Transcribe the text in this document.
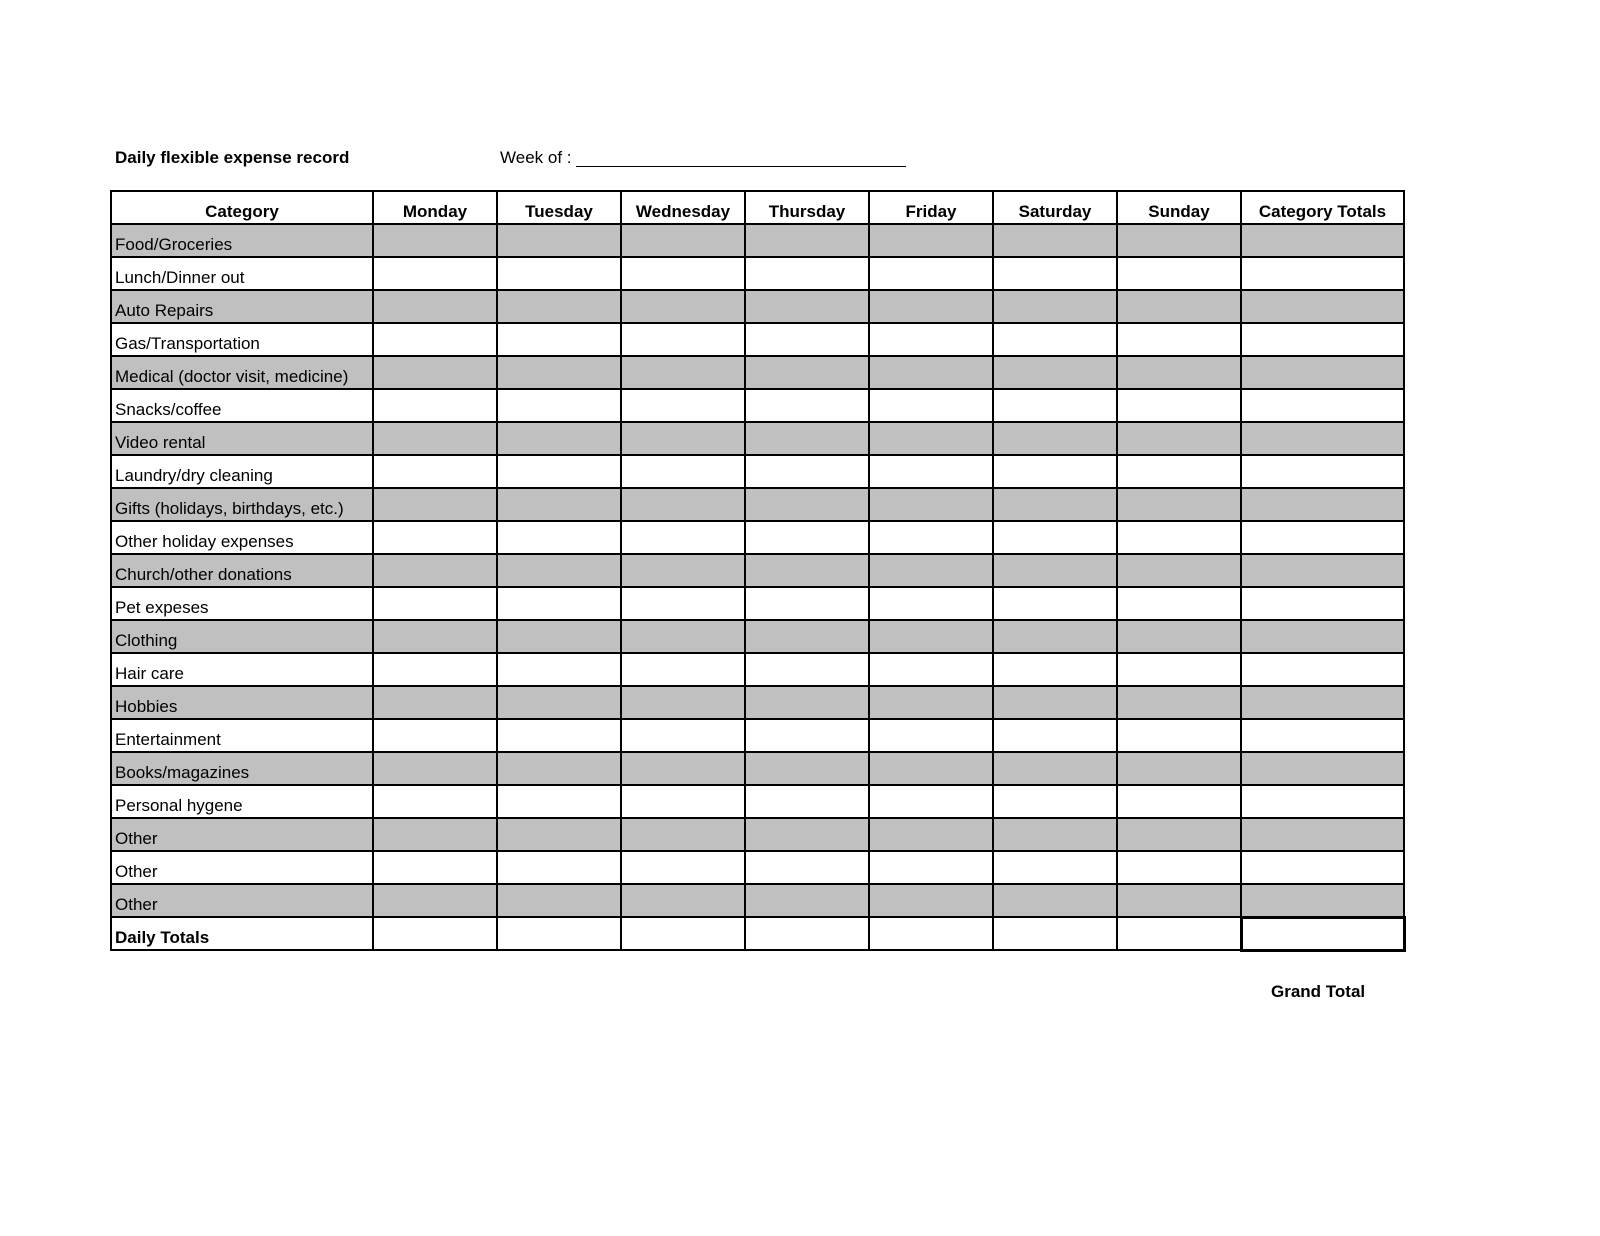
Daily flexible expense record	Week of :
Category	Monday	Tuesday	Wednesday	Thursday	Friday	Saturday	Sunday	Category Totals
Food/Groceries								
Lunch/Dinner out								
Auto Repairs								
Gas/Transportation								
Medical (doctor visit, medicine)								
Snacks/coffee								
Video rental								
Laundry/dry cleaning								
Gifts (holidays, birthdays, etc.)								
Other holiday expenses								
Church/other donations								
Pet expeses								
Clothing								
Hair care								
Hobbies								
Entertainment								
Books/magazines								
Personal hygene								
Other								
Other								
Other								
Daily Totals								
Grand Total
